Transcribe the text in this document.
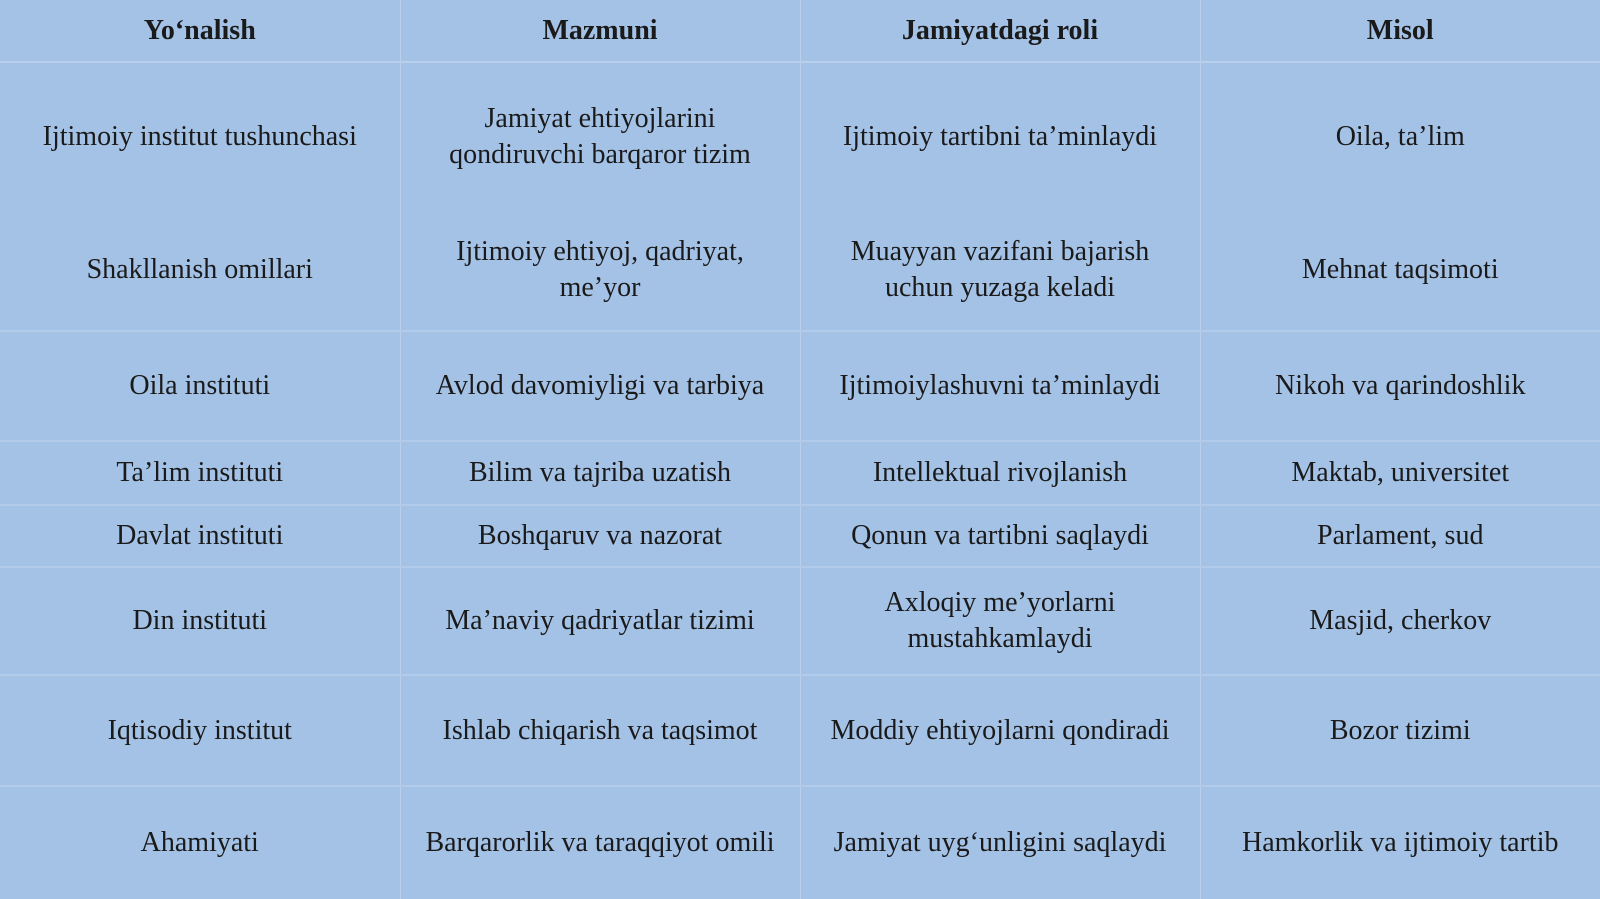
Yo‘nalish	Mazmuni	Jamiyatdagi roli	Misol
Ijtimoiy institut tushunchasi	Jamiyat ehtiyojlarini qondiruvchi barqaror tizim	Ijtimoiy tartibni ta’minlaydi	Oila, ta’lim
Shakllanish omillari	Ijtimoiy ehtiyoj, qadriyat, me’yor	Muayyan vazifani bajarish uchun yuzaga keladi	Mehnat taqsimoti
Oila instituti	Avlod davomiyligi va tarbiya	Ijtimoiylashuvni ta’minlaydi	Nikoh va qarindoshlik
Ta’lim instituti	Bilim va tajriba uzatish	Intellektual rivojlanish	Maktab, universitet
Davlat instituti	Boshqaruv va nazorat	Qonun va tartibni saqlaydi	Parlament, sud
Din instituti	Ma’naviy qadriyatlar tizimi	Axloqiy me’yorlarni mustahkamlaydi	Masjid, cherkov
Iqtisodiy institut	Ishlab chiqarish va taqsimot	Moddiy ehtiyojlarni qondiradi	Bozor tizimi
Ahamiyati	Barqarorlik va taraqqiyot omili	Jamiyat uyg‘unligini saqlaydi	Hamkorlik va ijtimoiy tartib
